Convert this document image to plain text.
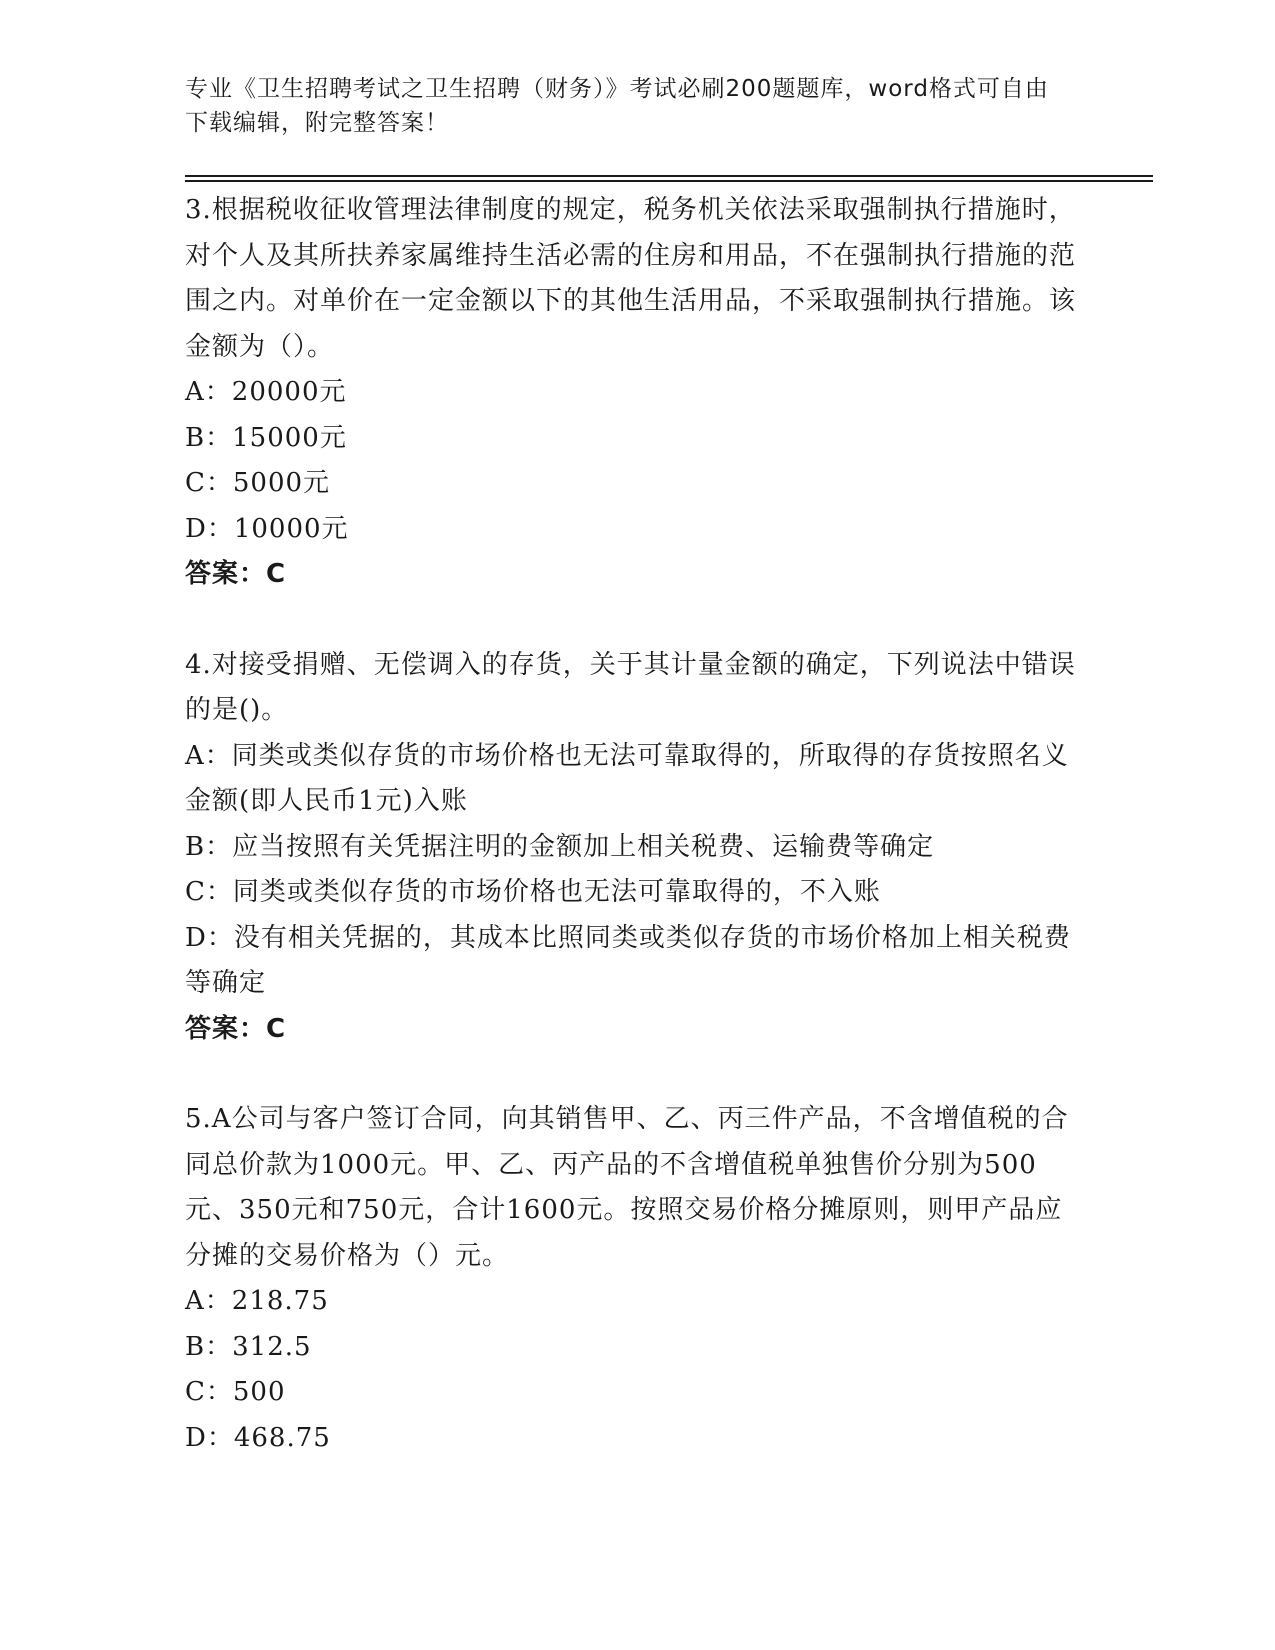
专业《卫生招聘考试之卫生招聘（财务）》考试必刷200题题库，word格式可自由下载编辑，附完整答案！

3.根据税收征收管理法律制度的规定，税务机关依法采取强制执行措施时，对个人及其所扶养家属维持生活必需的住房和用品，不在强制执行措施的范围之内。对单价在一定金额以下的其他生活用品，不采取强制执行措施。该金额为（）。

A：20000元

B：15000元

C：5000元

D：10000元

答案：C

4.对接受捐赠、无偿调入的存货，关于其计量金额的确定，下列说法中错误的是()。

A：同类或类似存货的市场价格也无法可靠取得的，所取得的存货按照名义金额(即人民币1元)入账

B：应当按照有关凭据注明的金额加上相关税费、运输费等确定

C：同类或类似存货的市场价格也无法可靠取得的，不入账

D：没有相关凭据的，其成本比照同类或类似存货的市场价格加上相关税费等确定

答案：C

5.A公司与客户签订合同，向其销售甲、乙、丙三件产品，不含增值税的合同总价款为1000元。甲、乙、丙产品的不含增值税单独售价分别为500元、350元和750元，合计1600元。按照交易价格分摊原则，则甲产品应分摊的交易价格为（）元。

A：218.75

B：312.5

C：500

D：468.75
